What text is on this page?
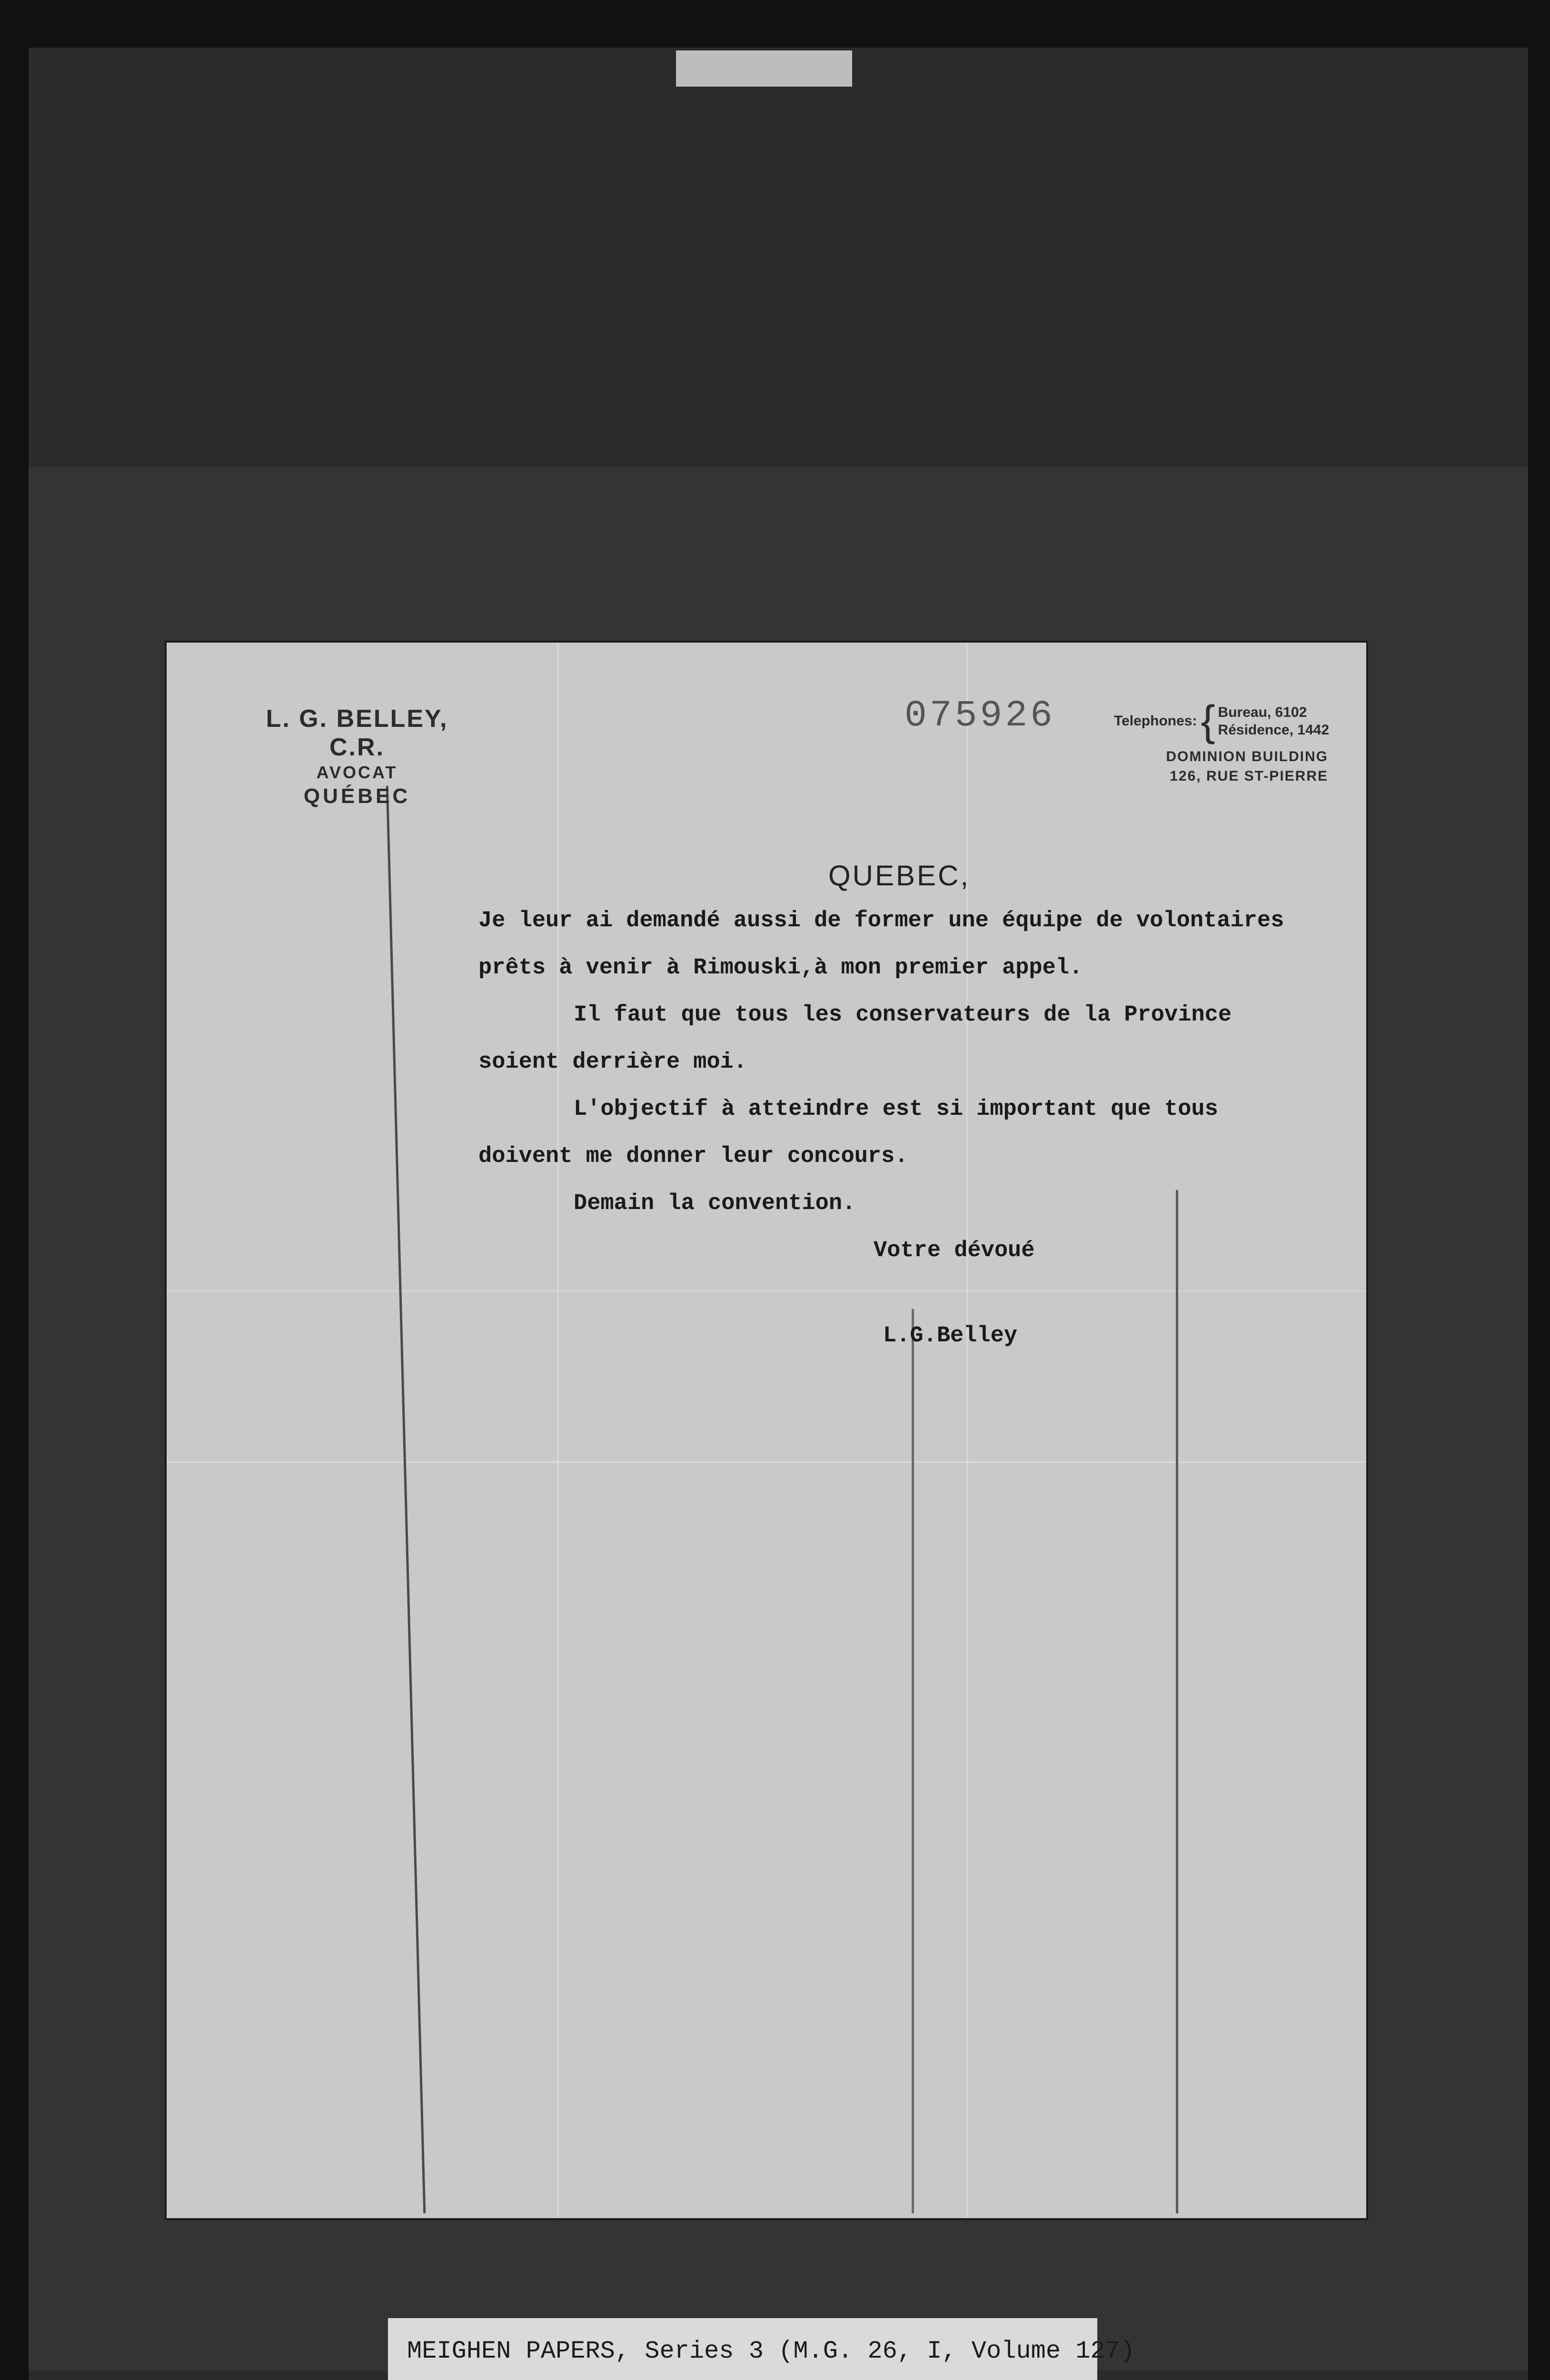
L. G. BELLEY, C.R.
AVOCAT
QUÉBEC
075926	Telephones: { Bureau, 6102
Résidence, 1442
DOMINION BUILDING
126, RUE ST-PIERRE
QUEBEC,
Je leur ai demandé aussi de former une équipe de volontaires
prêts à venir à Rimouski,à mon premier appel.
Il faut que tous les conservateurs de la Province
soient derrière moi.
L'objectif à atteindre est si important que tous
doivent me donner leur concours.
Demain la convention.
Votre dévoué
L.G.Belley
MEIGHEN PAPERS, Series 3 (M.G. 26, I, Volume 127)
